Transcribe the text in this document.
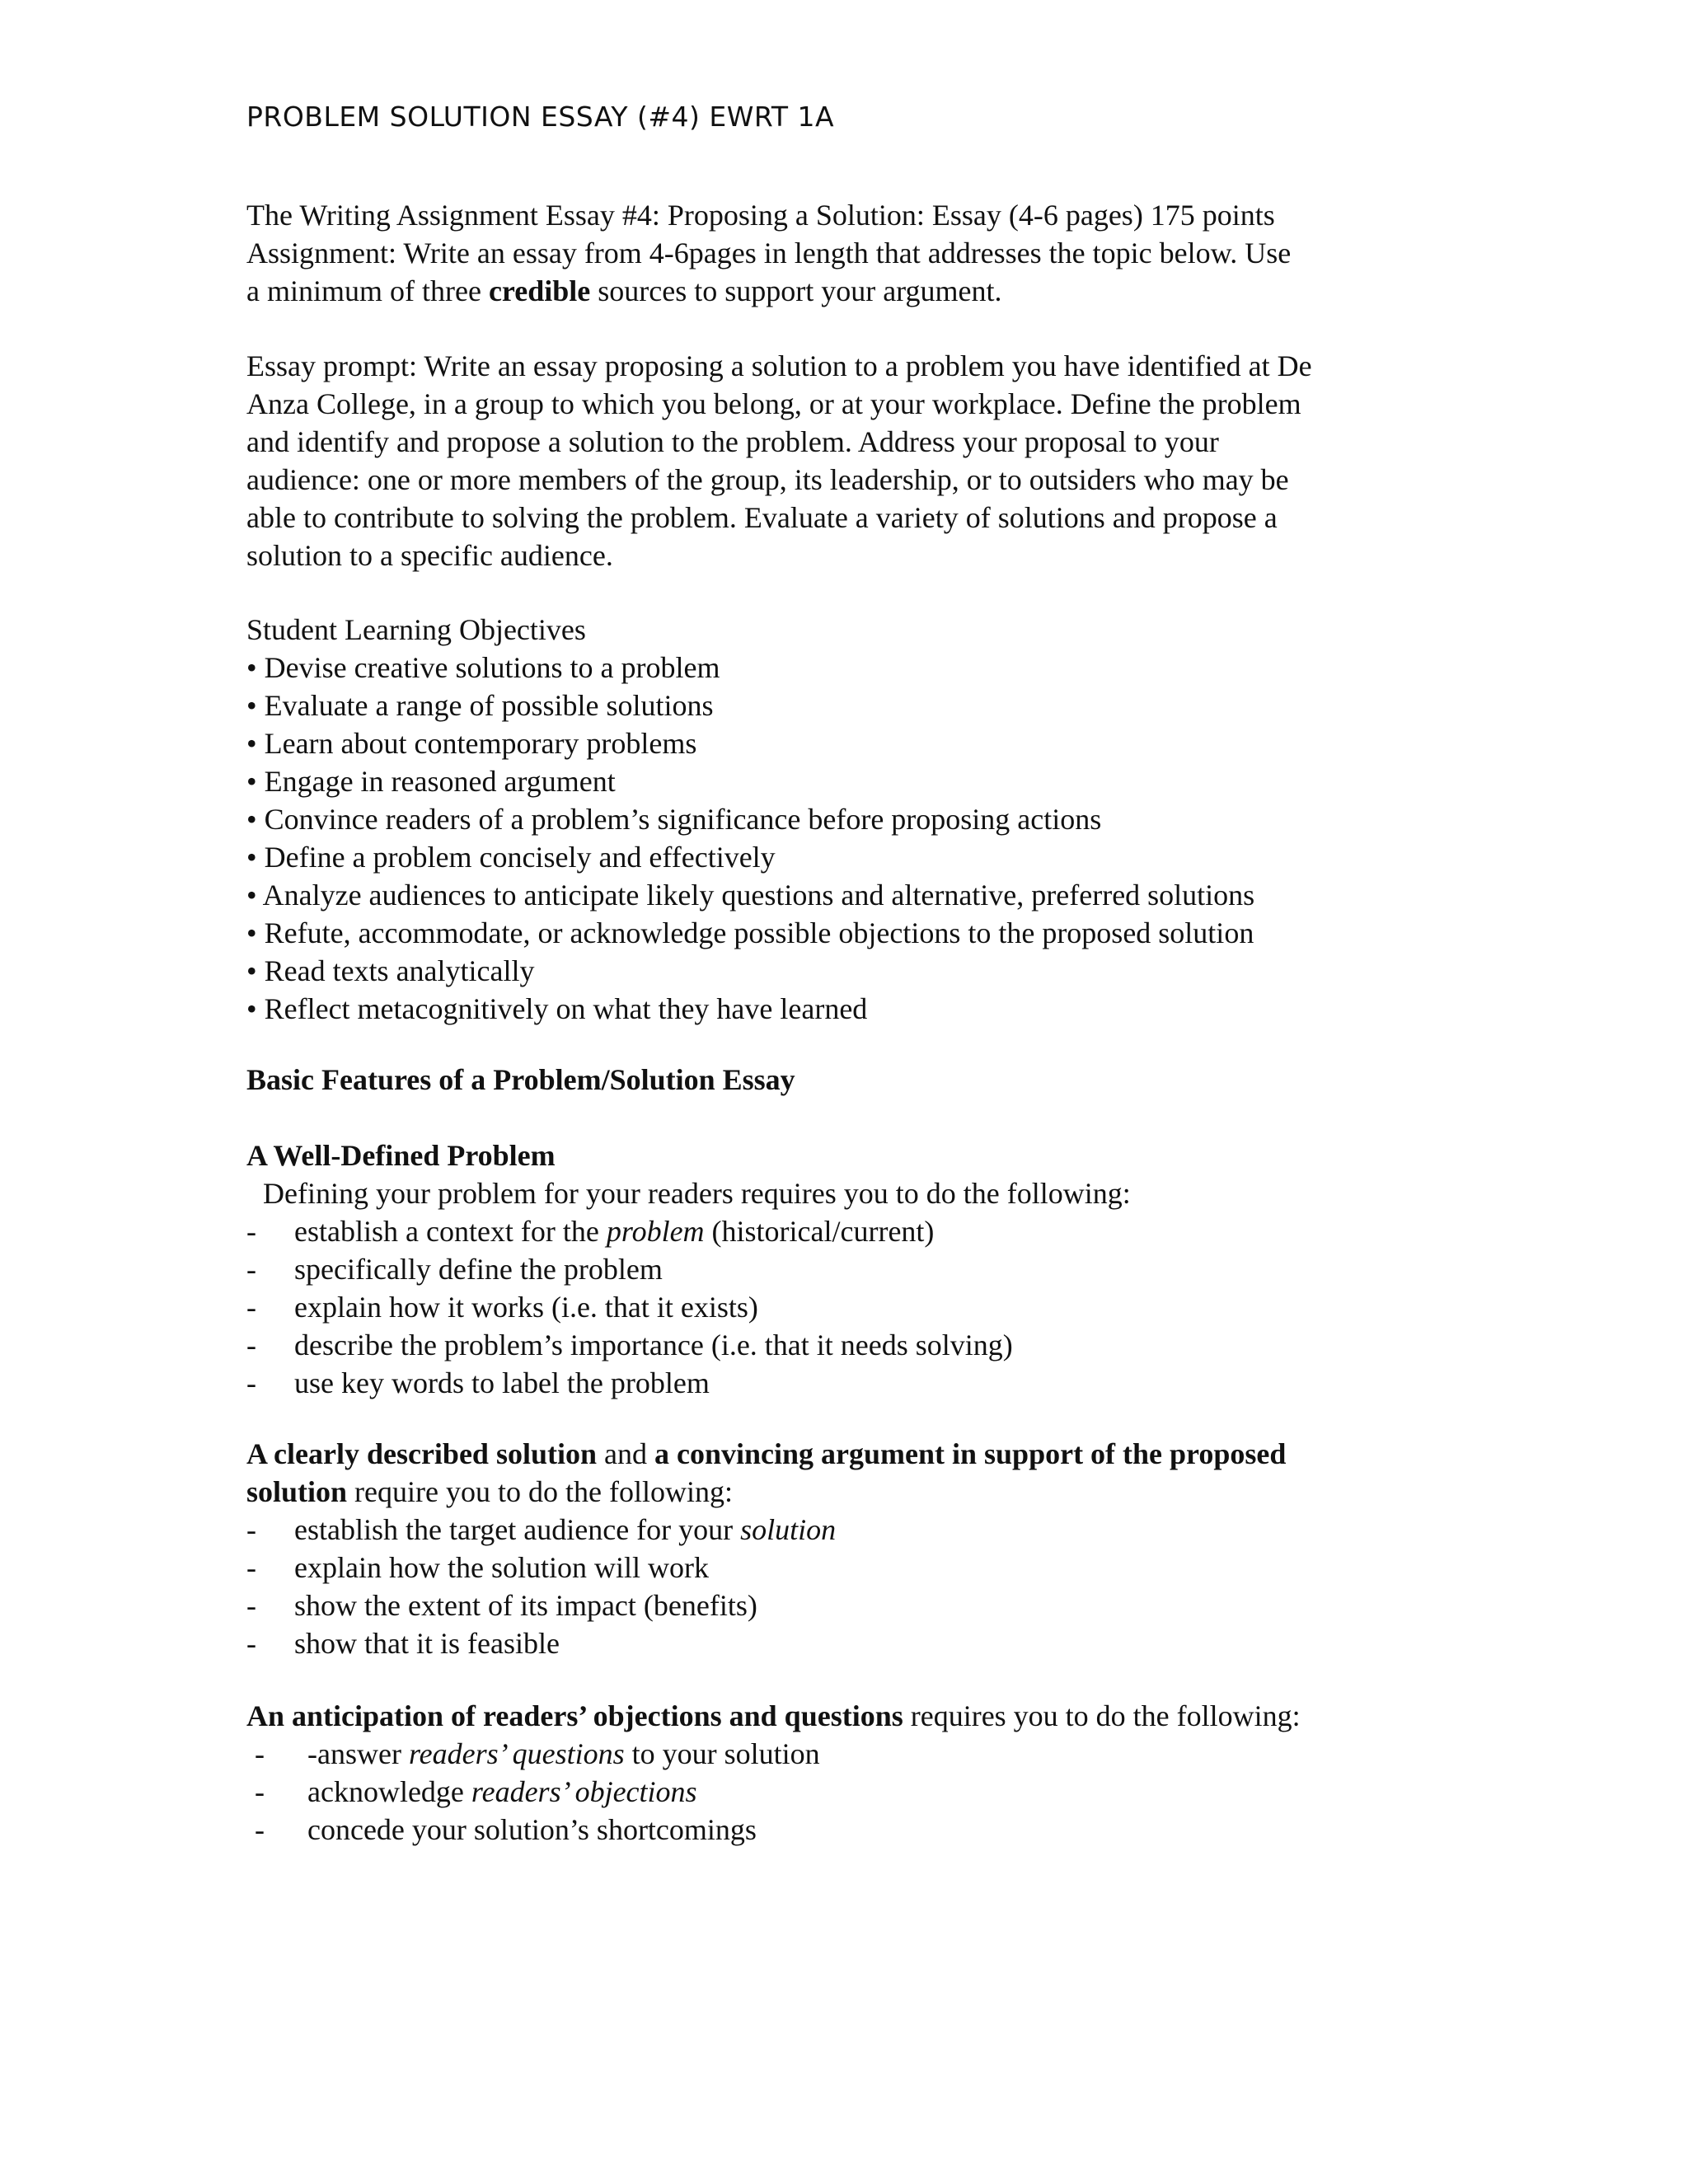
PROBLEM SOLUTION ESSAY (#4) EWRT 1A
The Writing Assignment Essay #4: Proposing a Solution: Essay (4-6 pages) 175 points
Assignment: Write an essay from 4-6pages in length that addresses the topic below. Use
a minimum of three credible sources to support your argument.
Essay prompt: Write an essay proposing a solution to a problem you have identified at De
Anza College, in a group to which you belong, or at your workplace. Define the problem
and identify and propose a solution to the problem. Address your proposal to your
audience: one or more members of the group, its leadership, or to outsiders who may be
able to contribute to solving the problem. Evaluate a variety of solutions and propose a
solution to a specific audience.
Student Learning Objectives
• Devise creative solutions to a problem
• Evaluate a range of possible solutions
• Learn about contemporary problems
• Engage in reasoned argument
• Convince readers of a problem’s significance before proposing actions
• Define a problem concisely and effectively
• Analyze audiences to anticipate likely questions and alternative, preferred solutions
• Refute, accommodate, or acknowledge possible objections to the proposed solution
• Read texts analytically
• Reflect metacognitively on what they have learned
Basic Features of a Problem/Solution Essay
A Well-Defined Problem
Defining your problem for your readers requires you to do the following:
- establish a context for the problem (historical/current)
- specifically define the problem
- explain how it works (i.e. that it exists)
- describe the problem’s importance (i.e. that it needs solving)
- use key words to label the problem
A clearly described solution and a convincing argument in support of the proposed
solution require you to do the following:
- establish the target audience for your solution
- explain how the solution will work
- show the extent of its impact (benefits)
- show that it is feasible
An anticipation of readers’ objections and questions requires you to do the following:
- -answer readers’ questions to your solution
- acknowledge readers’ objections
- concede your solution’s shortcomings
